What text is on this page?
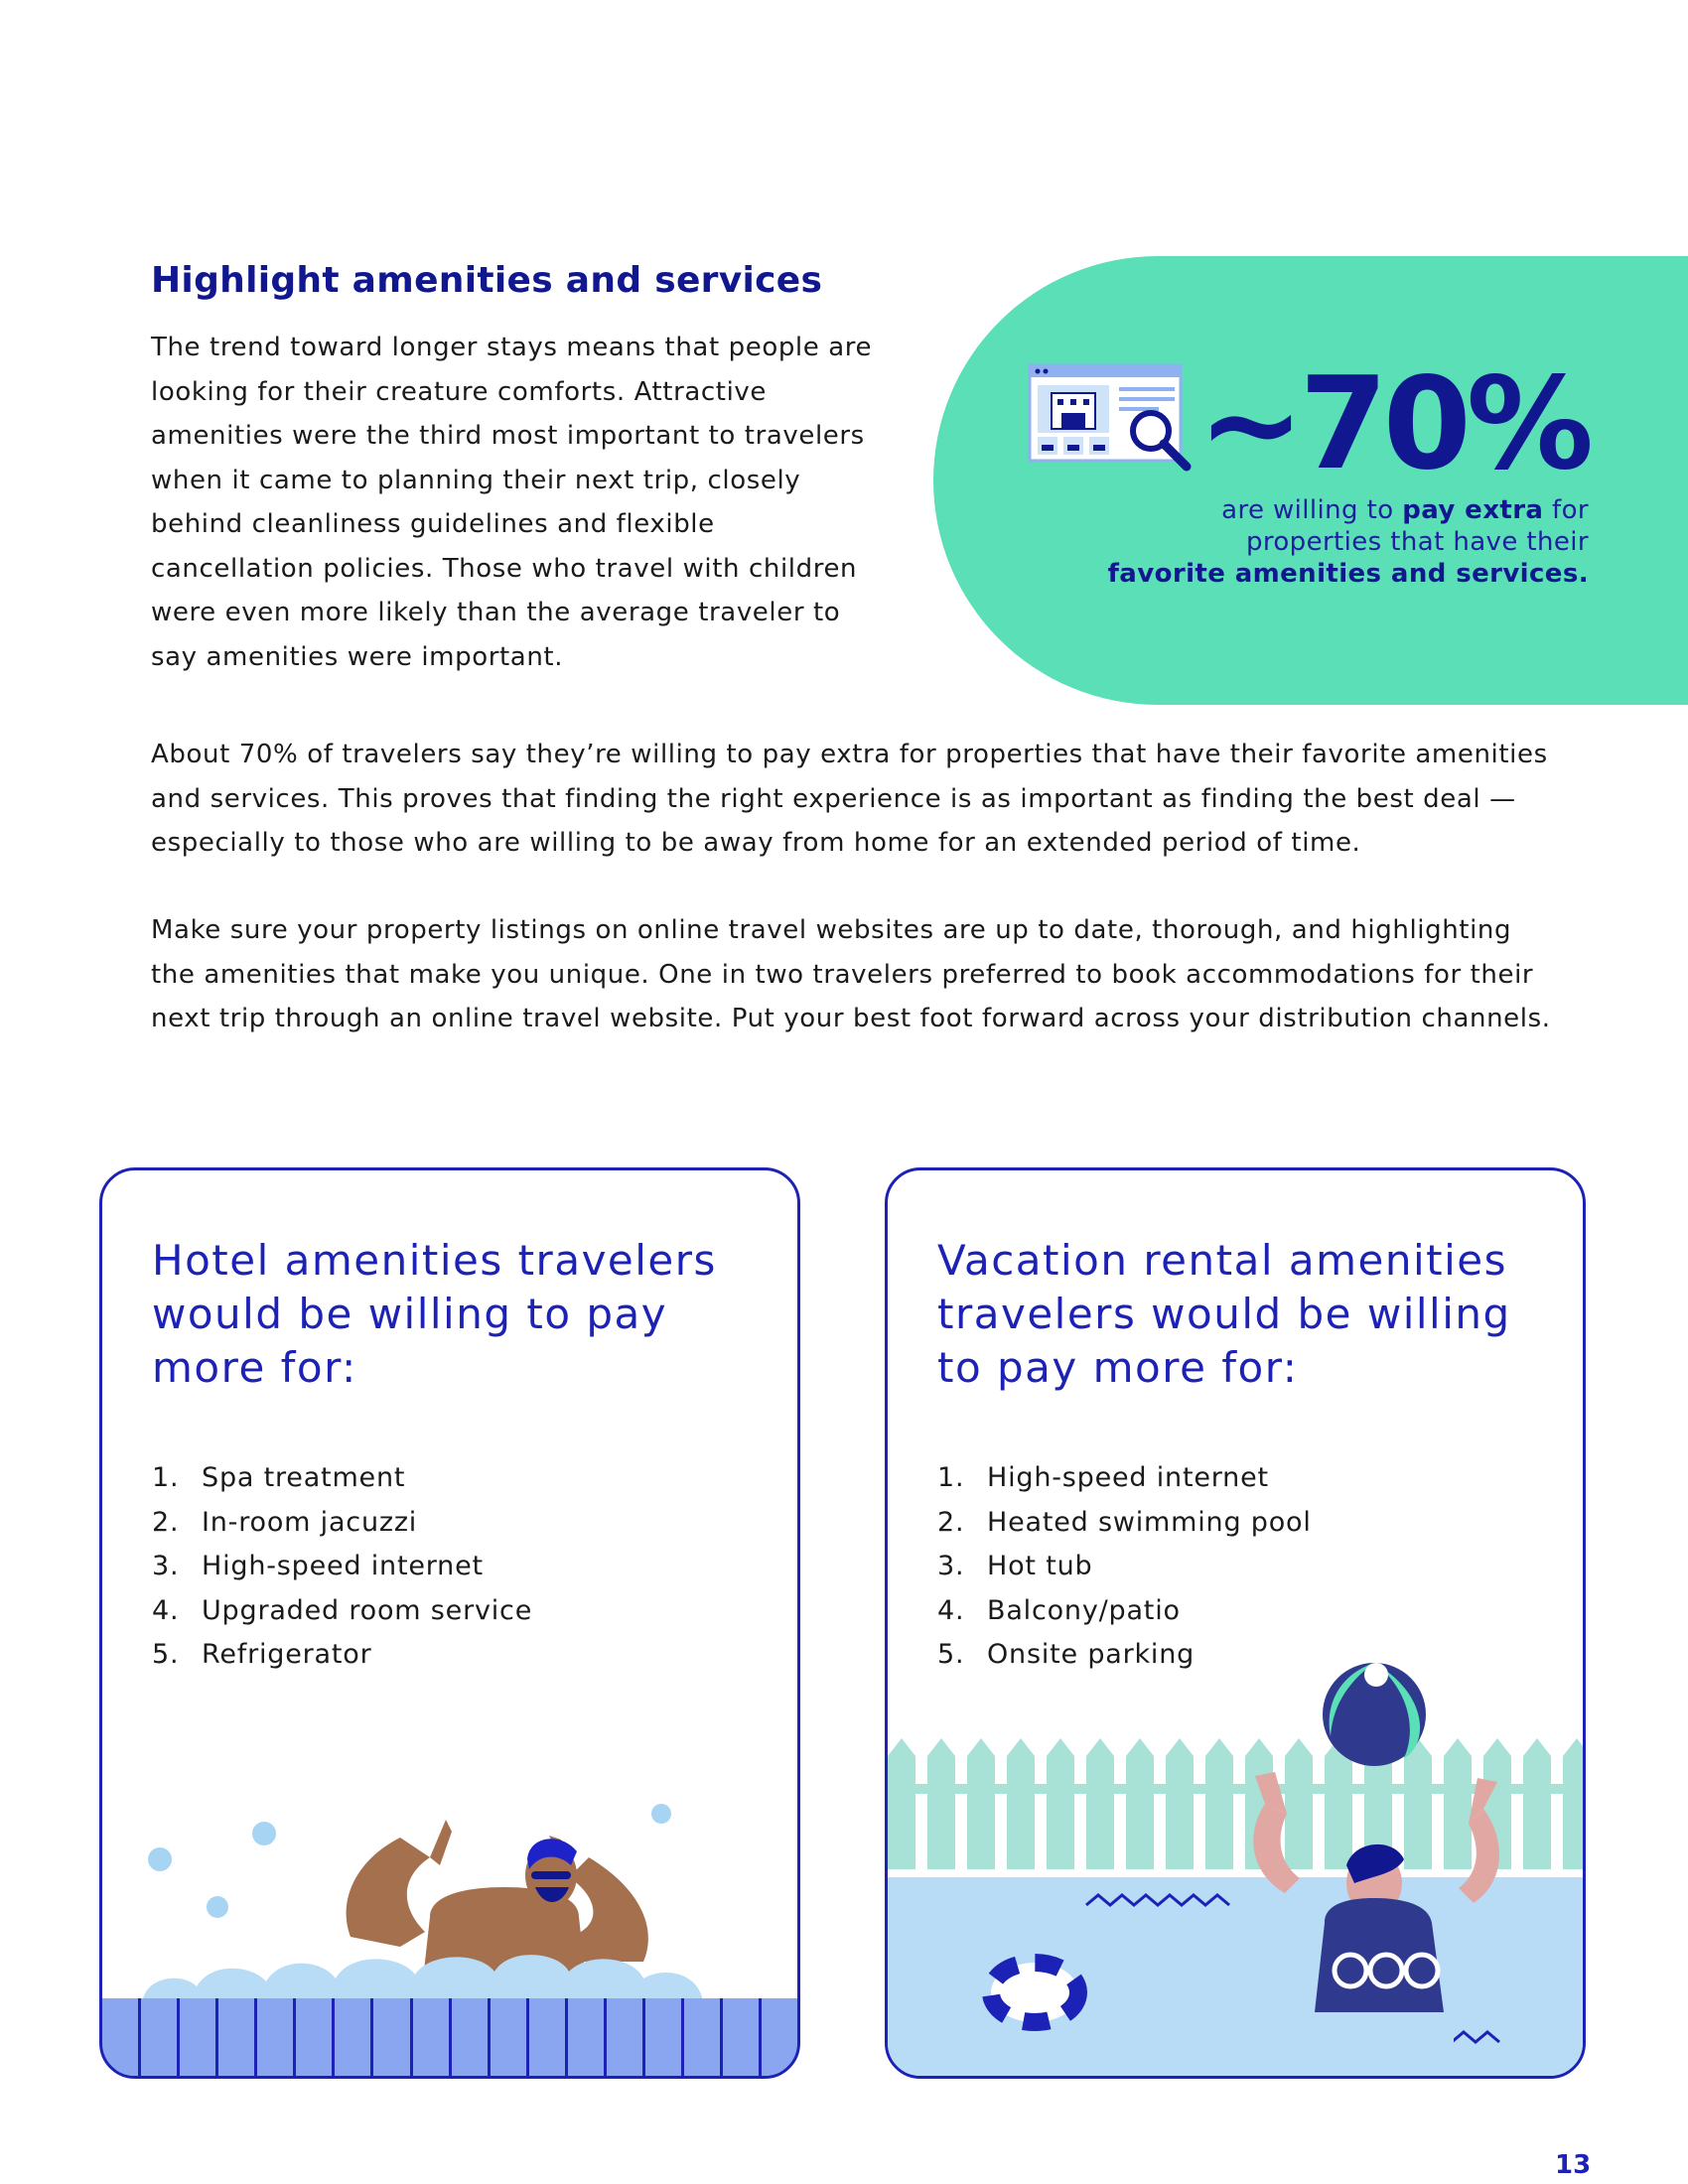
Highlight amenities and services

The trend toward longer stays means that people are looking for their creature comforts. Attractive amenities were the third most important to travelers when it came to planning their next trip, closely behind cleanliness guidelines and flexible cancellation policies. Those who travel with children were even more likely than the average traveler to say amenities were important.

~70%
are willing to pay extra for
properties that have their
favorite amenities and services.

About 70% of travelers say they’re willing to pay extra for properties that have their favorite amenities and services. This proves that finding the right experience is as important as finding the best deal — especially to those who are willing to be away from home for an extended period of time.

Make sure your property listings on online travel websites are up to date, thorough, and highlighting the amenities that make you unique. One in two travelers preferred to book accommodations for their next trip through an online travel website. Put your best foot forward across your distribution channels.

Hotel amenities travelers would be willing to pay more for:
1. Spa treatment
2. In-room jacuzzi
3. High-speed internet
4. Upgraded room service
5. Refrigerator
Vacation rental amenities travelers would be willing to pay more for:
1. High-speed internet
2. Heated swimming pool
3. Hot tub
4. Balcony/patio
5. Onsite parking

13
